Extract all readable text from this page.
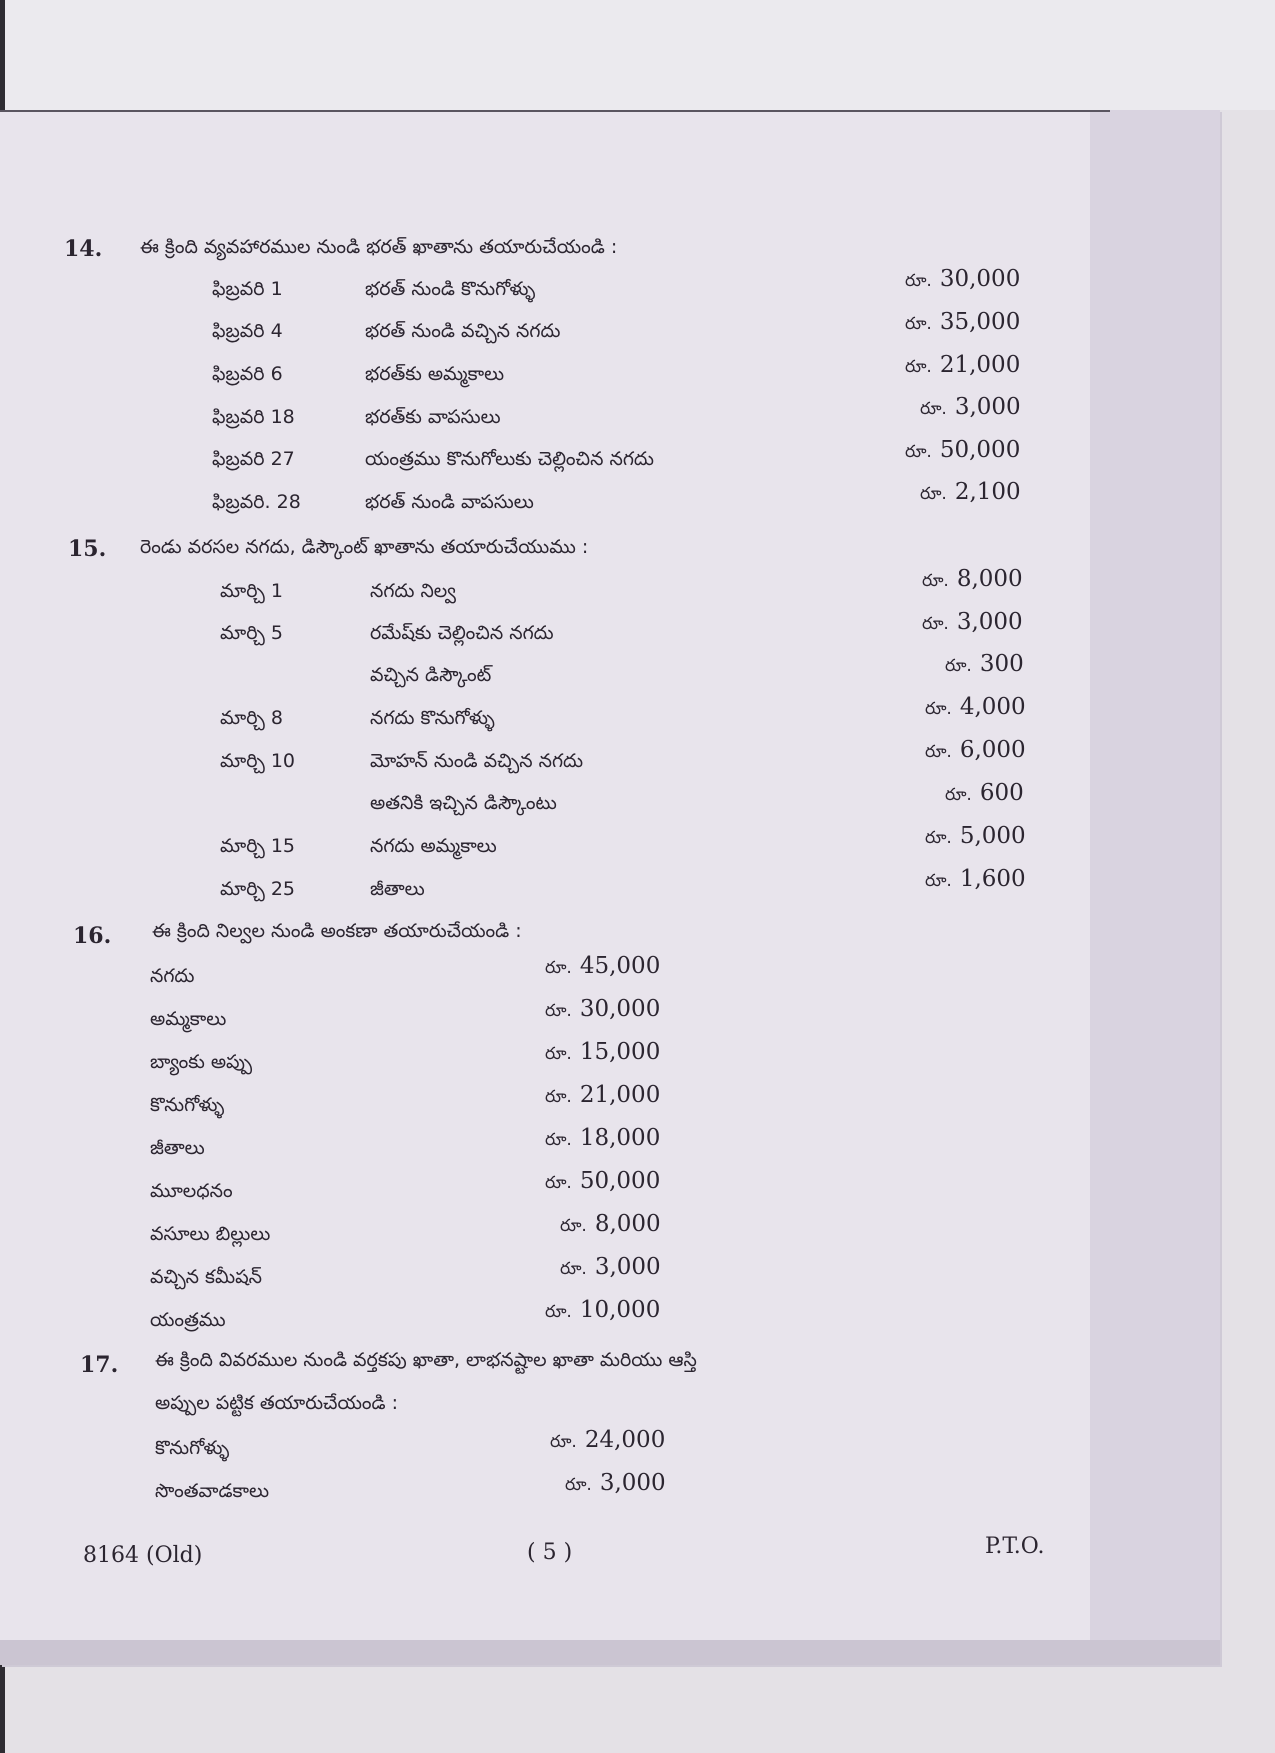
14. ఈ క్రింది వ్యవహారముల నుండి భరత్ ఖాతాను తయారుచేయండి :
ఫిబ్రవరి 1	భరత్ నుండి కొనుగోళ్ళు	రూ. 30,000
ఫిబ్రవరి 4	భరత్ నుండి వచ్చిన నగదు	రూ. 35,000
ఫిబ్రవరి 6	భరత్‌కు అమ్మకాలు	రూ. 21,000
ఫిబ్రవరి 18	భరత్‌కు వాపసులు	రూ. 3,000
ఫిబ్రవరి 27	యంత్రము కొనుగోలుకు చెల్లించిన నగదు	రూ. 50,000
ఫిబ్రవరి. 28	భరత్ నుండి వాపసులు	రూ. 2,100
15. రెండు వరసల నగదు, డిస్కౌంట్ ఖాతాను తయారుచేయుము :
మార్చి 1	నగదు నిల్వ	రూ. 8,000
మార్చి 5	రమేష్‌కు చెల్లించిన నగదు	రూ. 3,000
వచ్చిన డిస్కౌంట్	రూ. 300
మార్చి 8	నగదు కొనుగోళ్ళు	రూ. 4,000
మార్చి 10	మోహన్ నుండి వచ్చిన నగదు	రూ. 6,000
అతనికి ఇచ్చిన డిస్కౌంటు	రూ. 600
మార్చి 15	నగదు అమ్మకాలు	రూ. 5,000
మార్చి 25	జీతాలు	రూ. 1,600
16. ఈ క్రింది నిల్వల నుండి అంకణా తయారుచేయండి :
నగదు	రూ. 45,000
అమ్మకాలు	రూ. 30,000
బ్యాంకు అప్పు	రూ. 15,000
కొనుగోళ్ళు	రూ. 21,000
జీతాలు	రూ. 18,000
మూలధనం	రూ. 50,000
వసూలు బిల్లులు	రూ. 8,000
వచ్చిన కమీషన్	రూ. 3,000
యంత్రము	రూ. 10,000
17. ఈ క్రింది వివరముల నుండి వర్తకపు ఖాతా, లాభనష్టాల ఖాతా మరియు ఆస్తి
అప్పుల పట్టిక తయారుచేయండి :
కొనుగోళ్ళు	రూ. 24,000
సొంతవాడకాలు	రూ. 3,000
8164 (Old)	( 5 )	P.T.O.
